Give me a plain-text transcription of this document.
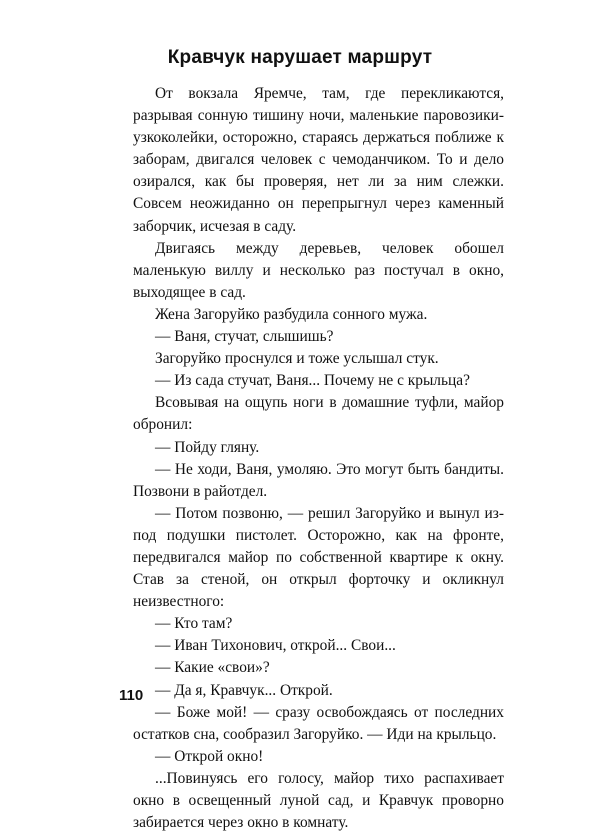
Кравчук нарушает маршрут

От вокзала Яремче, там, где перекликаются, разрывая сонную тишину ночи, маленькие паровозики-узкоколейки, осторожно, стараясь держаться поближе к заборам, двигался человек с чемоданчиком. То и дело озирался, как бы проверяя, нет ли за ним слежки. Совсем неожиданно он перепрыгнул через каменный заборчик, исчезая в саду.

Двигаясь между деревьев, человек обошел маленькую виллу и несколько раз постучал в окно, выходящее в сад.

Жена Загоруйко разбудила сонного мужа.

— Ваня, стучат, слышишь?

Загоруйко проснулся и тоже услышал стук.

— Из сада стучат, Ваня... Почему не с крыльца?

Всовывая на ощупь ноги в домашние туфли, майор обронил:

— Пойду гляну.

— Не ходи, Ваня, умоляю. Это могут быть бандиты. Позвони в райотдел.

— Потом позвоню, — решил Загоруйко и вынул из-под подушки пистолет. Осторожно, как на фронте, передвигался майор по собственной квартире к окну. Став за стеной, он открыл форточку и окликнул неизвестного:

— Кто там?

— Иван Тихонович, открой... Свои...

— Какие «свои»?

— Да я, Кравчук... Открой.

— Боже мой! — сразу освобождаясь от последних остатков сна, сообразил Загоруйко. — Иди на крыльцо.

— Открой окно!

...Повинуясь его голосу, майор тихо распахивает окно в освещенный луной сад, и Кравчук проворно забирается через окно в комнату.

110
